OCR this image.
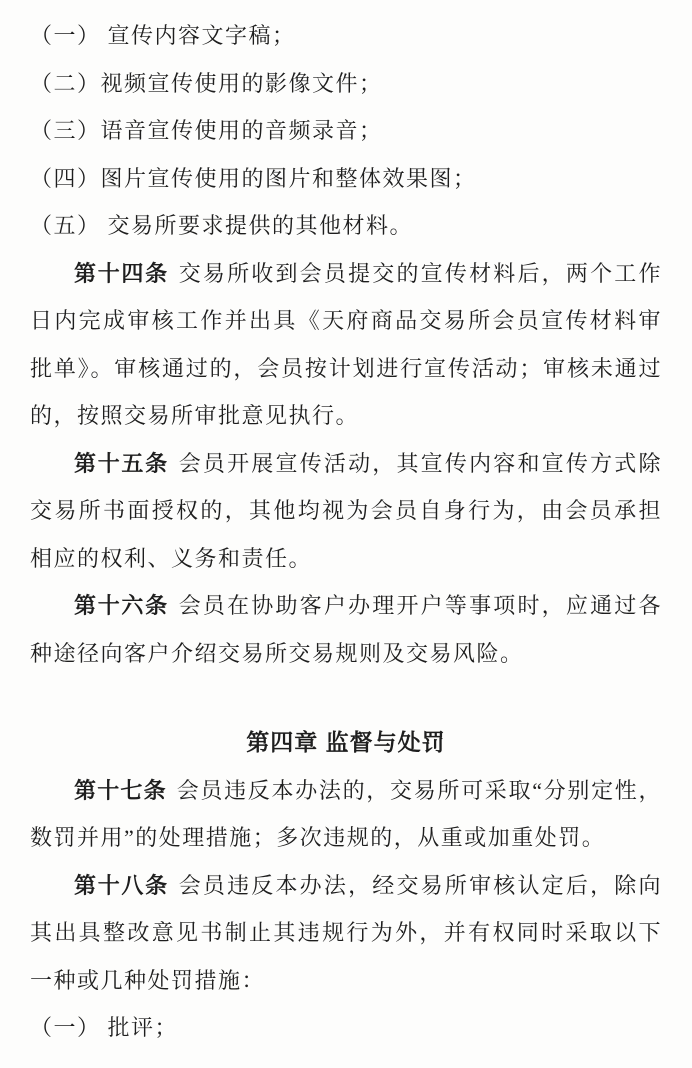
（一） 宣传内容文字稿；

（二）视频宣传使用的影像文件；

（三）语音宣传使用的音频录音；

（四）图片宣传使用的图片和整体效果图；

（五） 交易所要求提供的其他材料。

第十四条 交易所收到会员提交的宣传材料后，两个工作日内完成审核工作并出具《天府商品交易所会员宣传材料审批单》。审核通过的，会员按计划进行宣传活动；审核未通过的，按照交易所审批意见执行。

第十五条 会员开展宣传活动，其宣传内容和宣传方式除交易所书面授权的，其他均视为会员自身行为，由会员承担相应的权利、义务和责任。

第十六条 会员在协助客户办理开户等事项时，应通过各种途径向客户介绍交易所交易规则及交易风险。

第四章 监督与处罚

第十七条 会员违反本办法的，交易所可采取“分别定性，数罚并用”的处理措施；多次违规的，从重或加重处罚。

第十八条 会员违反本办法，经交易所审核认定后，除向其出具整改意见书制止其违规行为外，并有权同时采取以下一种或几种处罚措施：

（一） 批评；
